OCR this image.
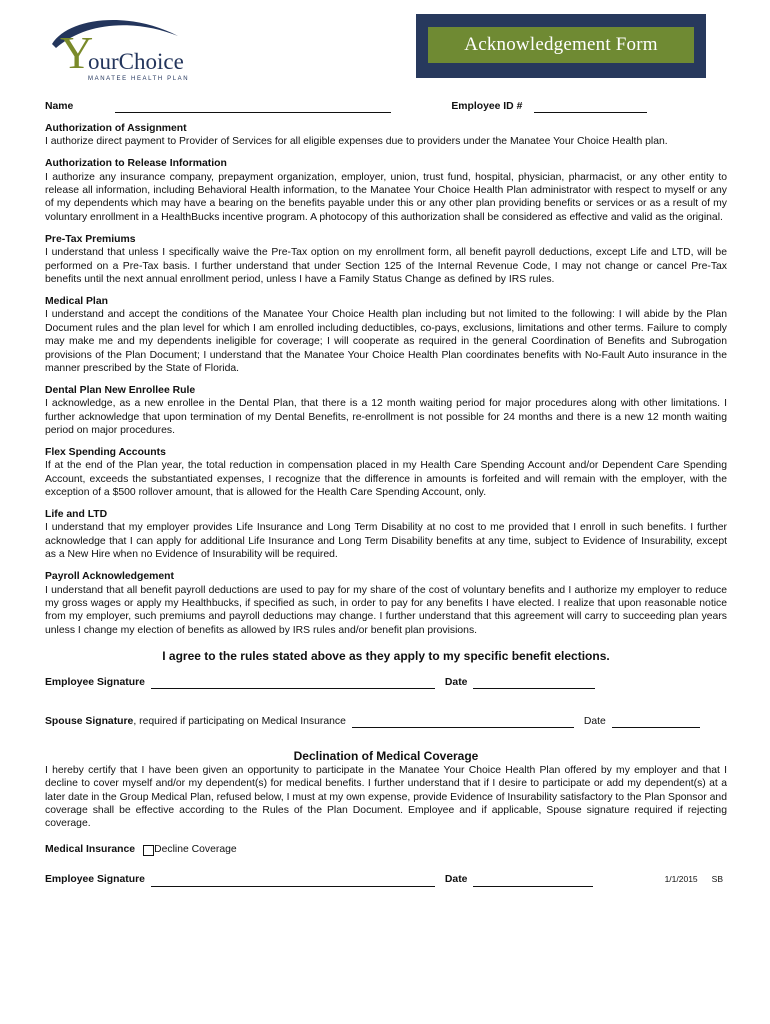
Y
ourChoice
MANATEE HEALTH PLAN
Acknowledgement Form
Name	Employee ID #
Authorization of Assignment
I authorize direct payment to Provider of Services for all eligible expenses due to providers under the Manatee Your Choice Health plan.
Authorization to Release Information
I authorize any insurance company, prepayment organization, employer, union, trust fund, hospital, physician, pharmacist, or any other entity to release all information, including Behavioral Health information, to the Manatee Your Choice Health Plan administrator with respect to myself or any of my dependents which may have a bearing on the benefits payable under this or any other plan providing benefits or services or as a result of my voluntary enrollment in a HealthBucks incentive program. A photocopy of this authorization shall be considered as effective and valid as the original.
Pre-Tax Premiums
I understand that unless I specifically waive the Pre-Tax option on my enrollment form, all benefit payroll deductions, except Life and LTD, will be performed on a Pre-Tax basis. I further understand that under Section 125 of the Internal Revenue Code, I may not change or cancel Pre-Tax benefits until the next annual enrollment period, unless I have a Family Status Change as defined by IRS rules.
Medical Plan
I understand and accept the conditions of the Manatee Your Choice Health plan including but not limited to the following: I will abide by the Plan Document rules and the plan level for which I am enrolled including deductibles, co-pays, exclusions, limitations and other terms. Failure to comply may make me and my dependents ineligible for coverage; I will cooperate as required in the general Coordination of Benefits and Subrogation provisions of the Plan Document; I understand that the Manatee Your Choice Health Plan coordinates benefits with No-Fault Auto insurance in the manner prescribed by the State of Florida.
Dental Plan New Enrollee Rule
I acknowledge, as a new enrollee in the Dental Plan, that there is a 12 month waiting period for major procedures along with other limitations. I further acknowledge that upon termination of my Dental Benefits, re-enrollment is not possible for 24 months and there is a new 12 month waiting period on major procedures.
Flex Spending Accounts
If at the end of the Plan year, the total reduction in compensation placed in my Health Care Spending Account and/or Dependent Care Spending Account, exceeds the substantiated expenses, I recognize that the difference in amounts is forfeited and will remain with the employer, with the exception of a $500 rollover amount, that is allowed for the Health Care Spending Account, only.
Life and LTD
I understand that my employer provides Life Insurance and Long Term Disability at no cost to me provided that I enroll in such benefits. I further acknowledge that I can apply for additional Life Insurance and Long Term Disability benefits at any time, subject to Evidence of Insurability, except as a New Hire when no Evidence of Insurability will be required.
Payroll Acknowledgement
I understand that all benefit payroll deductions are used to pay for my share of the cost of voluntary benefits and I authorize my employer to reduce my gross wages or apply my Healthbucks, if specified as such, in order to pay for any benefits I have elected. I realize that upon reasonable notice from my employer, such premiums and payroll deductions may change. I further understand that this agreement will carry to succeeding plan years unless I change my election of benefits as allowed by IRS rules and/or benefit plan provisions.
I agree to the rules stated above as they apply to my specific benefit elections.
Employee Signature	Date
Spouse Signature , required if participating on Medical Insurance	Date
Declination of Medical Coverage
I hereby certify that I have been given an opportunity to participate in the Manatee Your Choice Health Plan offered by my employer and that I decline to cover myself and/or my dependent(s) for medical benefits. I further understand that if I desire to participate or add my dependent(s) at a later date in the Group Medical Plan, refused below, I must at my own expense, provide Evidence of Insurability satisfactory to the Plan Sponsor and coverage shall be effective according to the Rules of the Plan Document. Employee and if applicable, Spouse signature required if rejecting coverage.
Medical Insurance Decline Coverage
Employee Signature	Date	1/1/2015	SB
